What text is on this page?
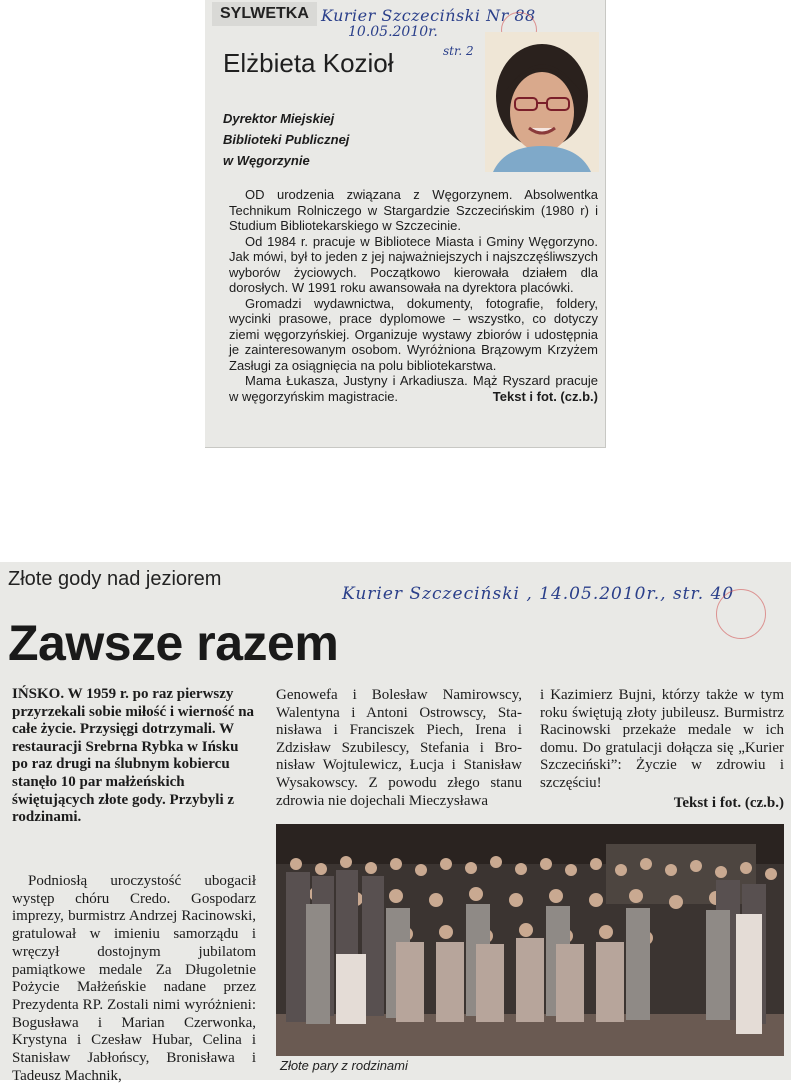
SYLWETKA Kurier Szczeciński Nr 88
10.05.2010r.
str. 2
Elżbieta Kozioł
Dyrektor Miejskiej
Biblioteki Publicznej
w Węgorzynie

OD urodzenia związana z Węgorzynem. Absolwentka Technikum Rolniczego w Stargardzie Szczecińskim (1980 r) i Studium Bibliotekarskiego w Szczecinie.

Od 1984 r. pracuje w Bibliotece Miasta i Gminy Węgorzyno. Jak mówi, był to jeden z jej najważniejszych i najszczęśliwszych wyborów życiowych. Początkowo kierowała działem dla dorosłych. W 1991 roku awansowała na dyrektora placówki.

Gromadzi wydawnictwa, dokumenty, fotografie, foldery, wycinki prasowe, prace dyplomowe – wszystko, co dotyczy ziemi węgorzyńskiej. Organizuje wystawy zbiorów i udostępnia je zainteresowanym osobom. Wyróżniona Brązowym Krzyżem Zasługi za osiągnięcia na polu bibliotekarstwa.

Mama Łukasza, Justyny i Arkadiusza. Mąż Ryszard pracuje w węgorzyńskim magistracie.	Tekst i fot. (cz.b.)

Złote gody nad jeziorem
Kurier Szczeciński , 14.05.2010r., str. 40
Zawsze razem
IŃSKO. W 1959 r. po raz pierwszy przyrzekali sobie miłość i wierność na całe życie. Przysięgi dotrzymali. W restauracji Srebrna Rybka w Ińsku po raz drugi na ślubnym kobiercu stanęło 10 par małżeńskich świętujących złote gody. Przybyli z rodzinami.

Podniosłą uroczystość ubogacił występ chóru Credo. Gospodarz imprezy, burmistrz Andrzej Racinowski, gratulował w imieniu samorządu i wręczył dostojnym jubilatom pamiątkowe medale Za Długoletnie Pożycie Małżeńskie nadane przez Prezydenta RP. Zostali nimi wyróżnieni: Bogusława i Marian Czerwonka, Krystyna i Czesław Hubar, Celina i Stanisław Jabłońscy, Bronisława i Tadeusz Machnik,

Genowefa i Bolesław Namirowscy, Walentyna i Antoni Ostrowscy, Stanisława i Franciszek Piech, Irena i Zdzisław Szubilescy, Stefania i Bronisław Wojtulewicz, Łucja i Stanisław Wysakowscy. Z powodu złego stanu zdrowia nie dojechali Mieczysława

i Kazimierz Bujni, którzy także w tym roku świętują złoty jubileusz. Burmistrz Racinowski przekaże medale w ich domu. Do gratulacji dołącza się „Kurier Szczeciński”: Życzie w zdrowiu i szczęściu!

Tekst i fot. (cz.b.)
Złote pary z rodzinami
